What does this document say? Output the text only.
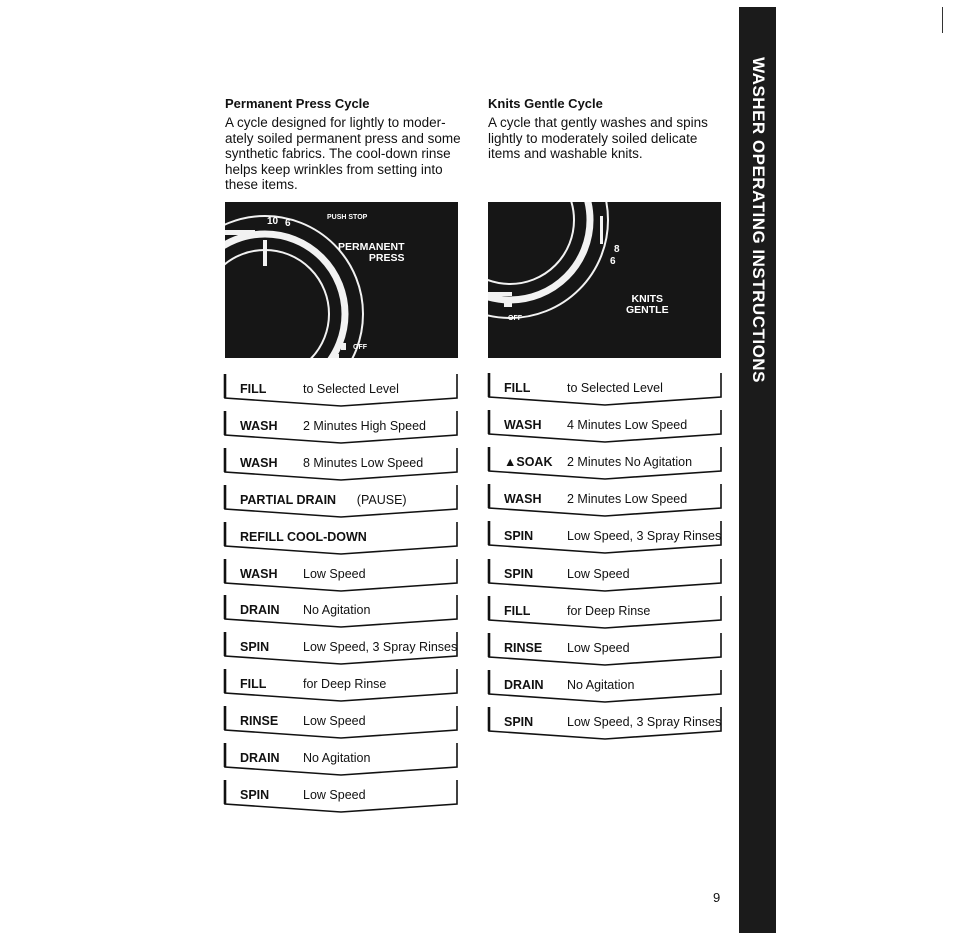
Permanent Press Cycle
A cycle designed for lightly to moder-
ately soiled permanent press and some
synthetic fabrics. The cool-down rinse
helps keep wrinkles from setting into
these items.
10 6
PUSH STOP
PERMANENT
PRESS
OFF
FILL	to Selected Level
WASH 2 Minutes High Speed
WASH 8 Minutes Low Speed
PARTIAL DRAIN (PAUSE)
REFILL COOL-DOWN
WASH Low Speed
DRAIN No Agitation
SPIN	Low Speed, 3 Spray Rinses
FILL	for Deep Rinse
RINSE Low Speed
DRAIN No Agitation
SPIN	Low Speed
Knits Gentle Cycle
A cycle that gently washes and spins
lightly to moderately soiled delicate
items and washable knits.
8
6
OFF
KNITS
GENTLE
FILL	to Selected Level
WASH 4 Minutes Low Speed
▲SOAK 2 Minutes No Agitation
WASH 2 Minutes Low Speed
SPIN	Low Speed, 3 Spray Rinses
SPIN	Low Speed
FILL	for Deep Rinse
RINSE Low Speed
DRAIN No Agitation
SPIN	Low Speed, 3 Spray Rinses
WASHER OPERATING INSTRUCTIONS
9
